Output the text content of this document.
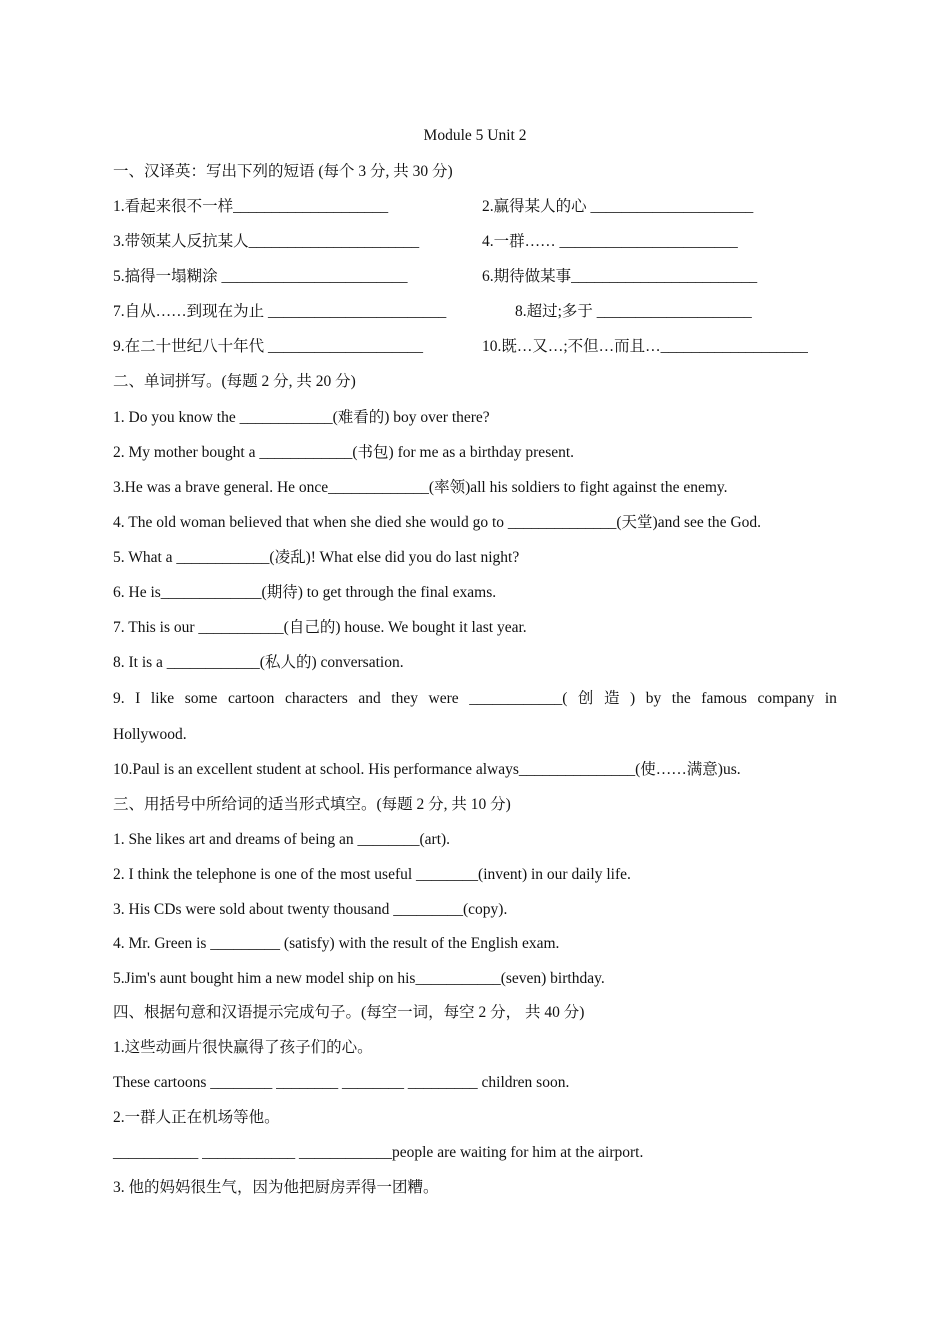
Module 5 Unit 2
一、汉译英：写出下列的短语 (每个 3 分, 共 30 分)
1.看起来很不一样____________________	2.赢得某人的心 _____________________
3.带领某人反抗某人______________________	4.一群…… _______________________
5.搞得一塌糊涂 ________________________	6.期待做某事________________________
7.自从……到现在为止 _______________________	8.超过;多于 ____________________
9.在二十世纪八十年代 ____________________	10.既…又…;不但…而且…___________________
二、单词拼写。(每题 2 分, 共 20 分)
1. Do you know the ____________(难看的) boy over there?
2. My mother bought a ____________(书包) for me as a birthday present.
3.He was a brave general. He once_____________(率领)all his soldiers to fight against the enemy.
4. The old woman believed that when she died she would go to ______________(天堂)and see the God.
5. What a ____________(凌乱)! What else did you do last night?
6. He is_____________(期待) to get through the final exams.
7. This is our ___________(自己的) house. We bought it last year.
8. It is a ____________(私人的) conversation.
9. I like some cartoon characters and they were ____________( 创 造 ) by the famous company in
Hollywood.
10.Paul is an excellent student at school. His performance always_______________(使……满意)us.
三、用括号中所给词的适当形式填空。(每题 2 分, 共 10 分)
1. She likes art and dreams of being an ________(art).
2. I think the telephone is one of the most useful ________(invent) in our daily life.
3. His CDs were sold about twenty thousand _________(copy).
4. Mr. Green is _________ (satisfy) with the result of the English exam.
5.Jim's aunt bought him a new model ship on his___________(seven) birthday.
四、根据句意和汉语提示完成句子。(每空一词，每空 2 分， 共 40 分)
1.这些动画片很快赢得了孩子们的心。
These cartoons ________ ________ ________ _________ children soon.
2.一群人正在机场等他。
___________ ____________ ____________people are waiting for him at the airport.
3. 他的妈妈很生气，因为他把厨房弄得一团糟。
